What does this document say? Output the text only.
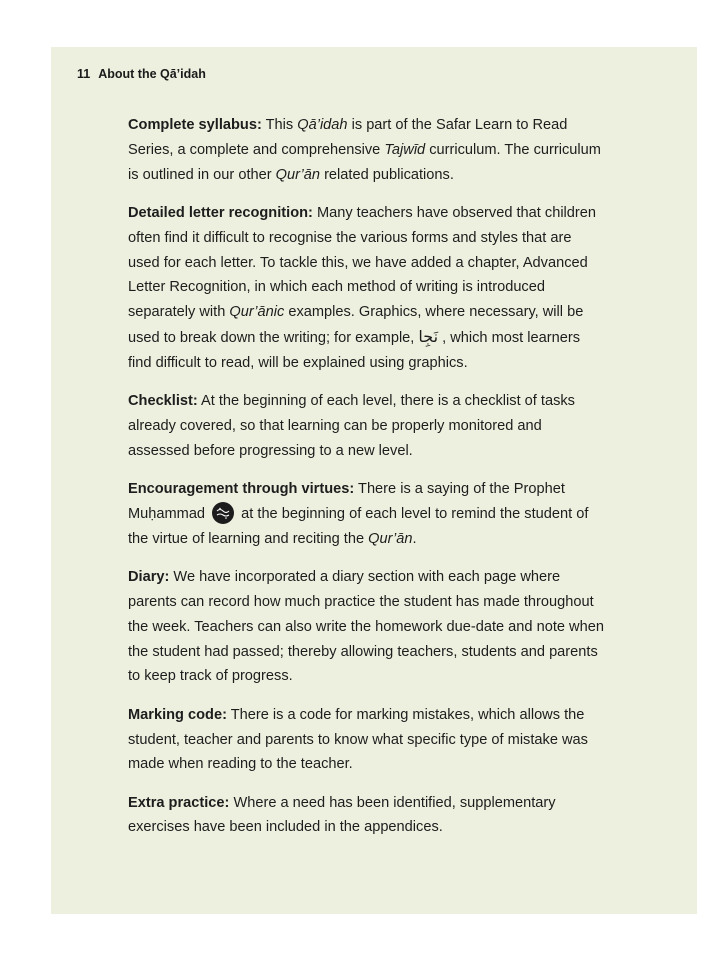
11 About the Qā’idah

Complete syllabus: This Qā’idah is part of the Safar Learn to Read Series, a complete and comprehensive Tajwīd curriculum. The curriculum is outlined in our other Qur’ān related publications.

Detailed letter recognition: Many teachers have observed that children often find it difficult to recognise the various forms and styles that are used for each letter. To tackle this, we have added a chapter, Advanced Letter Recognition, in which each method of writing is introduced separately with Qur’ānic examples. Graphics, where necessary, will be used to break down the writing; for example, نَجِا , which most learners find difficult to read, will be explained using graphics.

Checklist: At the beginning of each level, there is a checklist of tasks already covered, so that learning can be properly monitored and assessed before progressing to a new level.

Encouragement through virtues: There is a saying of the Prophet Muḥammad
at the beginning of each level to remind the student of the virtue of learning and reciting the Qur’ān.

Diary: We have incorporated a diary section with each page where parents can record how much practice the student has made throughout the week. Teachers can also write the homework due-date and note when the student had passed; thereby allowing teachers, students and parents to keep track of progress.

Marking code: There is a code for marking mistakes, which allows the student, teacher and parents to know what specific type of mistake was made when reading to the teacher.

Extra practice: Where a need has been identified, supplementary exercises have been included in the appendices.
